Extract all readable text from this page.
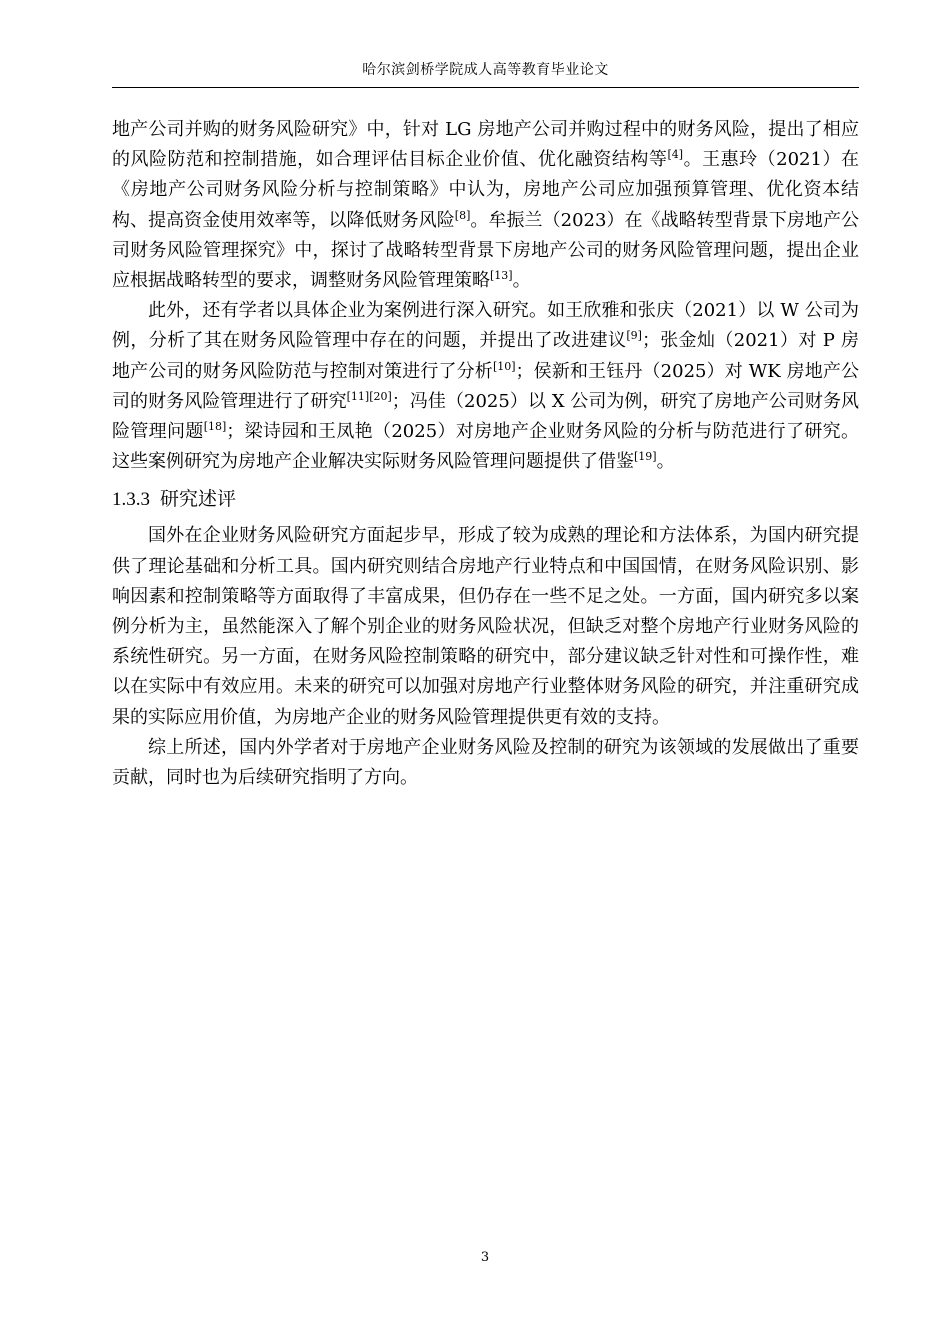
哈尔滨剑桥学院成人高等教育毕业论文

地产公司并购的财务风险研究》中，针对 LG 房地产公司并购过程中的财务风险，提出了相应的风险防范和控制措施，如合理评估目标企业价值、优化融资结构等[4]。王惠玲（2021）在《房地产公司财务风险分析与控制策略》中认为，房地产公司应加强预算管理、优化资本结构、提高资金使用效率等，以降低财务风险[8]。牟振兰（2023）在《战略转型背景下房地产公司财务风险管理探究》中，探讨了战略转型背景下房地产公司的财务风险管理问题，提出企业应根据战略转型的要求，调整财务风险管理策略[13]。

此外，还有学者以具体企业为案例进行深入研究。如王欣雅和张庆（2021）以 W 公司为例，分析了其在财务风险管理中存在的问题，并提出了改进建议[9]；张金灿（2021）对 P 房地产公司的财务风险防范与控制对策进行了分析[10]；侯新和王钰丹（2025）对 WK 房地产公司的财务风险管理进行了研究[11][20]；冯佳（2025）以 X 公司为例，研究了房地产公司财务风险管理问题[18]；梁诗园和王凤艳（2025）对房地产企业财务风险的分析与防范进行了研究。这些案例研究为房地产企业解决实际财务风险管理问题提供了借鉴[19]。

1.3.3 研究述评

国外在企业财务风险研究方面起步早，形成了较为成熟的理论和方法体系，为国内研究提供了理论基础和分析工具。国内研究则结合房地产行业特点和中国国情，在财务风险识别、影响因素和控制策略等方面取得了丰富成果，但仍存在一些不足之处。一方面，国内研究多以案例分析为主，虽然能深入了解个别企业的财务风险状况，但缺乏对整个房地产行业财务风险的系统性研究。另一方面，在财务风险控制策略的研究中，部分建议缺乏针对性和可操作性，难以在实际中有效应用。未来的研究可以加强对房地产行业整体财务风险的研究，并注重研究成果的实际应用价值，为房地产企业的财务风险管理提供更有效的支持。

综上所述，国内外学者对于房地产企业财务风险及控制的研究为该领域的发展做出了重要贡献，同时也为后续研究指明了方向。

3
